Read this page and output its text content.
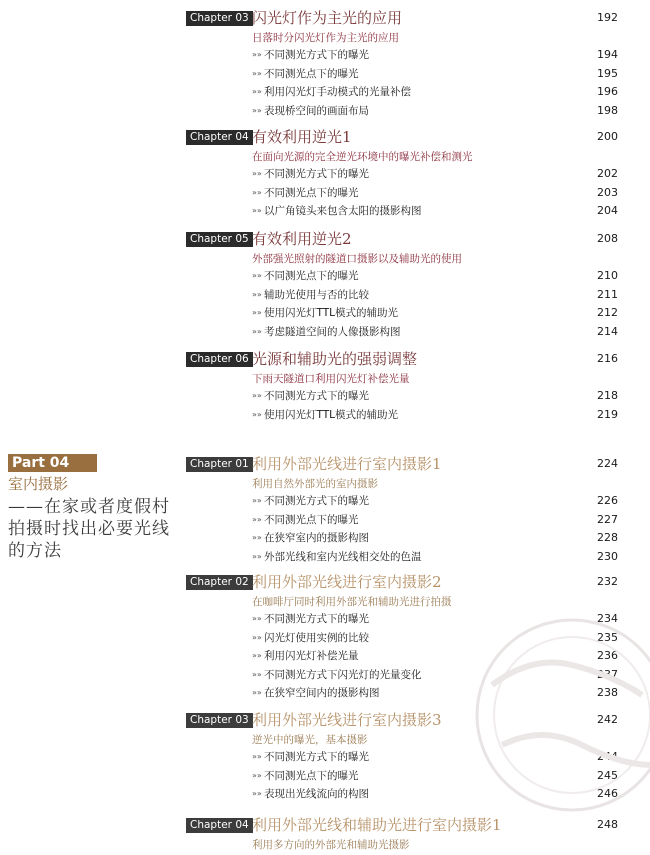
Part 04
室内摄影
——在家或者度假村拍摄时找出必要光线的方法
Chapter 03 闪光灯作为主光的应用	192
日落时分闪光灯作为主光的应用
»» 不同测光方式下的曝光	194
»» 不同测光点下的曝光	195
»» 利用闪光灯手动模式的光量补偿	196
»» 表现桥空间的画面布局	198
Chapter 04 有效利用逆光1	200
在面向光源的完全逆光环境中的曝光补偿和测光
»» 不同测光方式下的曝光	202
»» 不同测光点下的曝光	203
»» 以广角镜头来包含太阳的摄影构图	204
Chapter 05 有效利用逆光2	208
外部强光照射的隧道口摄影以及辅助光的使用
»» 不同测光点下的曝光	210
»» 辅助光使用与否的比较	211
»» 使用闪光灯TTL模式的辅助光	212
»» 考虑隧道空间的人像摄影构图	214
Chapter 06 光源和辅助光的强弱调整	216
下雨天隧道口利用闪光灯补偿光量
»» 不同测光方式下的曝光	218
»» 使用闪光灯TTL模式的辅助光	219
Chapter 01 利用外部光线进行室内摄影1	224
利用自然外部光的室内摄影
»» 不同测光方式下的曝光	226
»» 不同测光点下的曝光	227
»» 在狭窄室内的摄影构图	228
»» 外部光线和室内光线相交处的色温	230
Chapter 02 利用外部光线进行室内摄影2	232
在咖啡厅同时利用外部光和辅助光进行拍摄
»» 不同测光方式下的曝光	234
»» 闪光灯使用实例的比较	235
»» 利用闪光灯补偿光量	236
»» 不同测光方式下闪光灯的光量变化	237
»» 在狭窄空间内的摄影构图	238
Chapter 03 利用外部光线进行室内摄影3	242
逆光中的曝光，基本摄影
»» 不同测光方式下的曝光	244
»» 不同测光点下的曝光	245
»» 表现出光线流向的构图	246
Chapter 04 利用外部光线和辅助光进行室内摄影1	248
利用多方向的外部光和辅助光摄影
